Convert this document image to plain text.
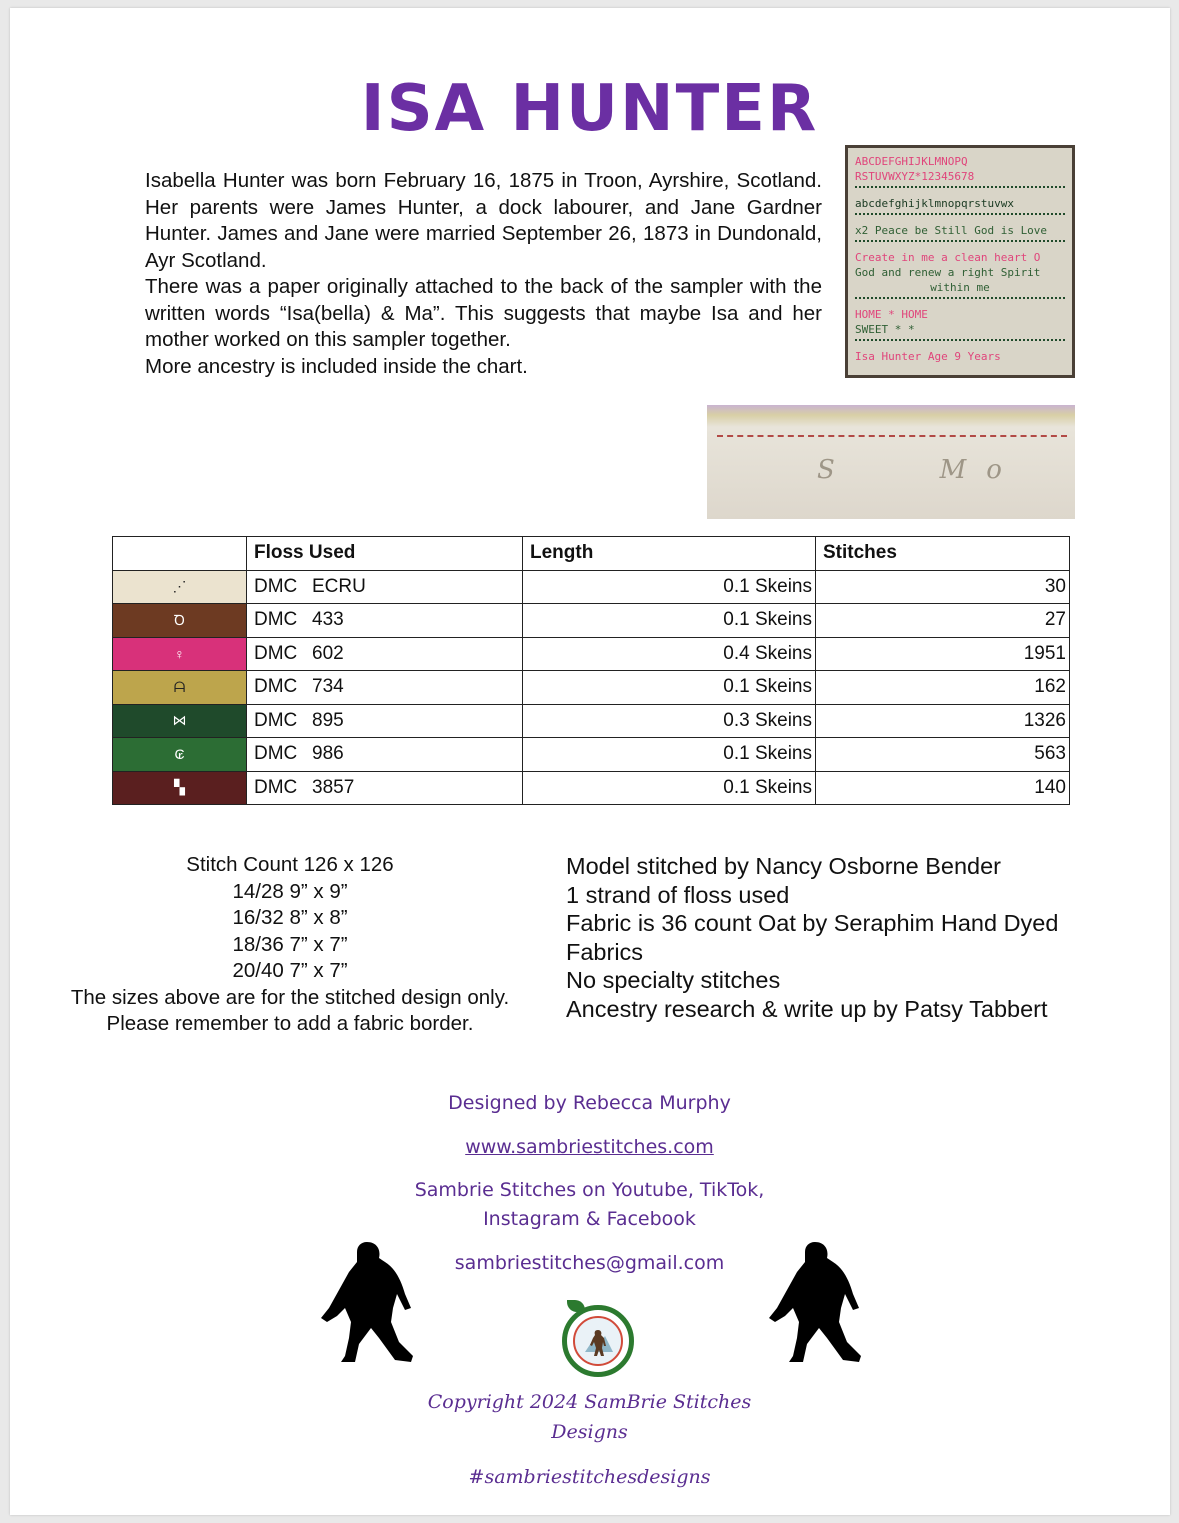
ISA HUNTER

Isabella Hunter was born February 16, 1875 in Troon, Ayrshire, Scotland. Her parents were James Hunter, a dock labourer, and Jane Gardner Hunter. James and Jane were married September 26, 1873 in Dundonald, Ayr Scotland.

There was a paper originally attached to the back of the sampler with the written words “Isa(bella) & Ma”. This suggests that maybe Isa and her mother worked on this sampler together.

More ancestry is included inside the chart.

ABCDEFGHIJKLMNOPQ
RSTUVWXYZ*12345678
abcdefghijklmnopqrstuvwx
x2 Peace be Still God is Love
Create in me a clean heart O
God and renew a right Spirit
within me
HOME * HOME
SWEET * *
Isa Hunter Age 9 Years
S   Mo
	Floss Used	Length	Stitches
⋰	DMC ECRU	0.1 Skeins	30
Ꝺ	DMC 433	0.1 Skeins	27
♀	DMC 602	0.4 Skeins	1951
ᗩ	DMC 734	0.1 Skeins	162
⋈	DMC 895	0.3 Skeins	1326
₢	DMC 986	0.1 Skeins	563
▚	DMC 3857	0.1 Skeins	140
Stitch Count 126 x 126
14/28 9” x 9”
16/32 8” x 8”
18/36 7” x 7”
20/40 7” x 7”
The sizes above are for the stitched design only.
Please remember to add a fabric border.
Model stitched by Nancy Osborne Bender
1 strand of floss used
Fabric is 36 count Oat by Seraphim Hand Dyed Fabrics
No specialty stitches
Ancestry research & write up by Patsy Tabbert
Designed by Rebecca Murphy
www.sambriestitches.com
Sambrie Stitches on Youtube, TikTok,
Instagram & Facebook
sambriestitches@gmail.com
Copyright 2024 SamBrie Stitches
Designs
#sambriestitchesdesigns
